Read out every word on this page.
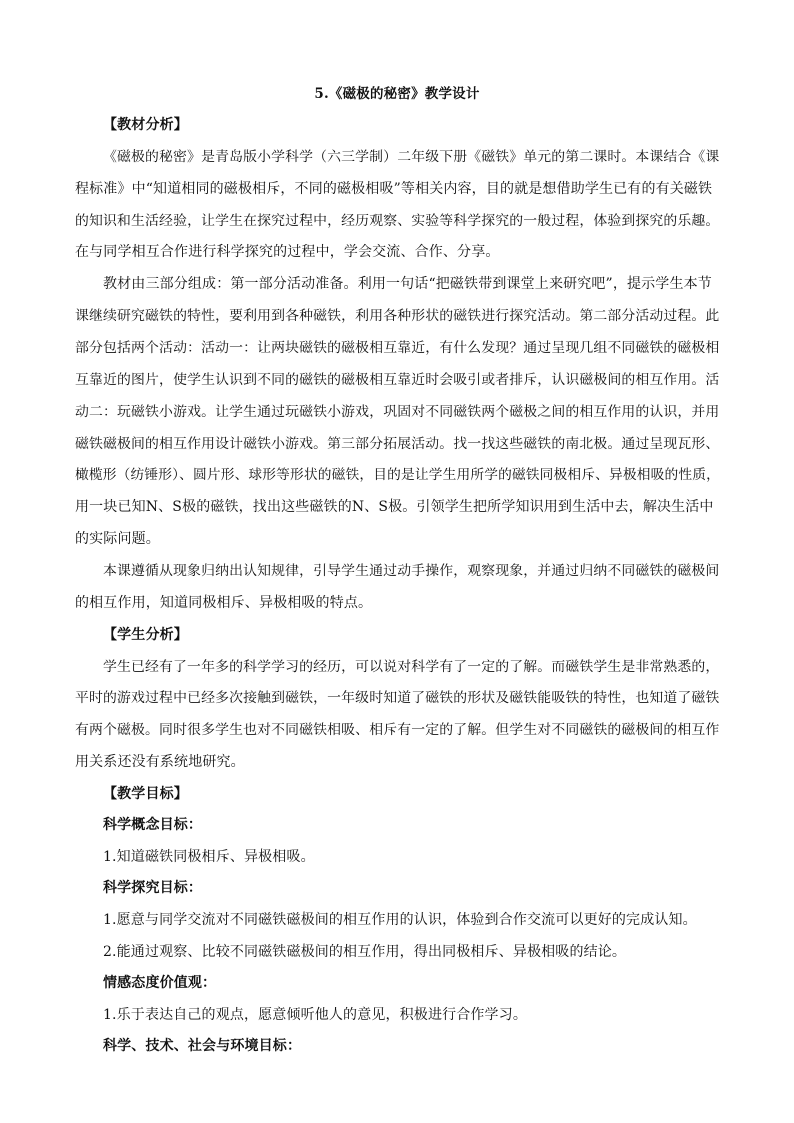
5.《磁极的秘密》教学设计
【教材分析】
《磁极的秘密》是青岛版小学科学（六三学制）二年级下册《磁铁》单元的第二课时。本课结合《课
程标准》中“知道相同的磁极相斥，不同的磁极相吸”等相关内容，目的就是想借助学生已有的有关磁铁
的知识和生活经验，让学生在探究过程中，经历观察、实验等科学探究的一般过程，体验到探究的乐趣。
在与同学相互合作进行科学探究的过程中，学会交流、合作、分享。
教材由三部分组成：第一部分活动准备。利用一句话“把磁铁带到课堂上来研究吧”，提示学生本节
课继续研究磁铁的特性，要利用到各种磁铁，利用各种形状的磁铁进行探究活动。第二部分活动过程。此
部分包括两个活动：活动一：让两块磁铁的磁极相互靠近，有什么发现？通过呈现几组不同磁铁的磁极相
互靠近的图片，使学生认识到不同的磁铁的磁极相互靠近时会吸引或者排斥，认识磁极间的相互作用。活
动二：玩磁铁小游戏。让学生通过玩磁铁小游戏，巩固对不同磁铁两个磁极之间的相互作用的认识，并用
磁铁磁极间的相互作用设计磁铁小游戏。第三部分拓展活动。找一找这些磁铁的南北极。通过呈现瓦形、
橄榄形（纺锤形）、圆片形、球形等形状的磁铁，目的是让学生用所学的磁铁同极相斥、异极相吸的性质，
用一块已知N、S极的磁铁，找出这些磁铁的N、S极。引领学生把所学知识用到生活中去，解决生活中
的实际问题。
本课遵循从现象归纳出认知规律，引导学生通过动手操作，观察现象，并通过归纳不同磁铁的磁极间
的相互作用，知道同极相斥、异极相吸的特点。
【学生分析】
学生已经有了一年多的科学学习的经历，可以说对科学有了一定的了解。而磁铁学生是非常熟悉的，
平时的游戏过程中已经多次接触到磁铁，一年级时知道了磁铁的形状及磁铁能吸铁的特性，也知道了磁铁
有两个磁极。同时很多学生也对不同磁铁相吸、相斥有一定的了解。但学生对不同磁铁的磁极间的相互作
用关系还没有系统地研究。
【教学目标】
科学概念目标：
1.知道磁铁同极相斥、异极相吸。
科学探究目标：
1.愿意与同学交流对不同磁铁磁极间的相互作用的认识，体验到合作交流可以更好的完成认知。
2.能通过观察、比较不同磁铁磁极间的相互作用，得出同极相斥、异极相吸的结论。
情感态度价值观：
1.乐于表达自己的观点，愿意倾听他人的意见，积极进行合作学习。
科学、技术、社会与环境目标：
